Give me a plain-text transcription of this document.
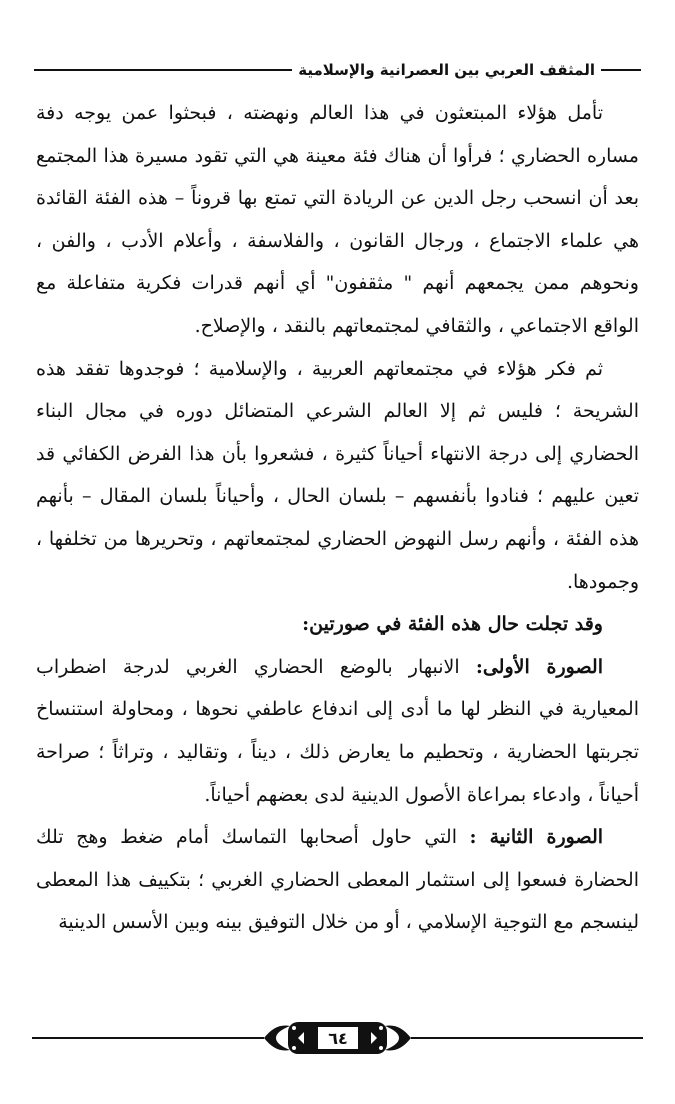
المثقف العربي بين العصرانية والإسلامية

تأمل هؤلاء المبتعثون في هذا العالم ونهضته ، فبحثوا عمن يوجه دفة مساره الحضاري ؛ فرأوا أن هناك فئة معينة هي التي تقود مسيرة هذا المجتمع بعد أن انسحب رجل الدين عن الريادة التي تمتع بها قروناً – هذه الفئة القائدة هي علماء الاجتماع ، ورجال القانون ، والفلاسفة ، وأعلام الأدب ، والفن ، ونحوهم ممن يجمعهم أنهم " مثقفون" أي أنهم قدرات فكرية متفاعلة مع الواقع الاجتماعي ، والثقافي لمجتمعاتهم بالنقد ، والإصلاح.

ثم فكر هؤلاء في مجتمعاتهم العربية ، والإسلامية ؛ فوجدوها تفقد هذه الشريحة ؛ فليس ثم إلا العالم الشرعي المتضائل دوره في مجال البناء الحضاري إلى درجة الانتهاء أحياناً كثيرة ، فشعروا بأن هذا الفرض الكفائي قد تعين عليهم ؛ فنادوا بأنفسهم – بلسان الحال ، وأحياناً بلسان المقال – بأنهم هذه الفئة ، وأنهم رسل النهوض الحضاري لمجتمعاتهم ، وتحريرها من تخلفها ، وجمودها.

وقد تجلت حال هذه الفئة في صورتين:

الصورة الأولى: الانبهار بالوضع الحضاري الغربي لدرجة اضطراب المعيارية في النظر لها ما أدى إلى اندفاع عاطفي نحوها ، ومحاولة استنساخ تجربتها الحضارية ، وتحطيم ما يعارض ذلك ، ديناً ، وتقاليد ، وتراثاً ؛ صراحة أحياناً ، وادعاء بمراعاة الأصول الدينية لدى بعضهم أحياناً.

الصورة الثانية : التي حاول أصحابها التماسك أمام ضغط وهج تلك الحضارة فسعوا إلى استثمار المعطى الحضاري الغربي ؛ بتكييف هذا المعطى لينسجم مع التوجية الإسلامي ، أو من خلال التوفيق بينه وبين الأسس الدينية

٦٤
